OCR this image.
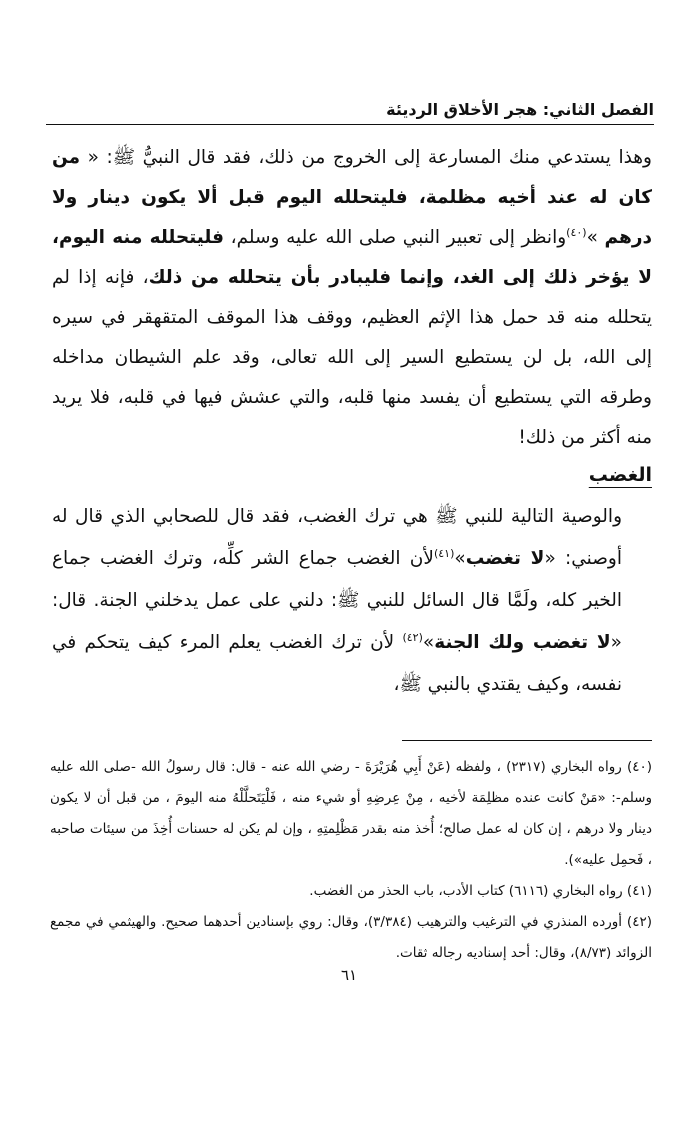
الفصل الثاني: هجر الأخلاق الرديئة

وهذا يستدعي منك المسارعة إلى الخروج من ذلك، فقد قال النبيُّ ﷺ: « من كان له عند أخيه مظلمة، فليتحلله اليوم قبل ألا يكون دينار ولا درهم »$^{(٤٠)}$وانظر إلى تعبير النبي صلى الله عليه وسلم، فليتحلله منه اليوم، لا يؤخر ذلك إلى الغد، وإنما فليبادر بأن يتحلله من ذلك، فإنه إذا لم يتحلله منه قد حمل هذا الإثم العظيم، ووقف هذا الموقف المتقهقر في سيره إلى الله، بل لن يستطيع السير إلى الله تعالى، وقد علم الشيطان مداخله وطرقه التي يستطيع أن يفسد منها قلبه، والتي عشش فيها في قلبه، فلا يريد منه أكثر من ذلك!

الغضب

والوصية التالية للنبي ﷺ هي ترك الغضب، فقد قال للصحابي الذي قال له أوصني: «لا تغضب»$^{(٤١)}$لأن الغضب جماع الشر كلِّه، وترك الغضب جماع الخير كله، ولَمَّا قال السائل للنبي ﷺ: دلني على عمل يدخلني الجنة. قال: «لا تغضب ولك الجنة»$^{(٤٢)}$ لأن ترك الغضب يعلم المرء كيف يتحكم في نفسه، وكيف يقتدي بالنبي ﷺ،

(٤٠) رواه البخاري (٢٣١٧) ، ولفظه (عَنْ أَبِي هُرَيْرَةَ - رضي الله عنه - قال: قال رسولُ الله -صلى الله عليه وسلم-: «مَنْ كانت عنده مظلِمَة لأخيه ، مِنْ عِرضِهِ أو شيء منه ، فَلْيَتَحلَّلْهُ منه اليومَ ، من قبل أن لا يكون دينار ولا درهم ، إن كان له عمل صالح؛ أُخذ منه بقدر مَظْلِمتِهِ ، وإن لم يكن له حسنات أُخِذَ من سيئات صاحبه ، فَحمِل عليه»).

(٤١) رواه البخاري (٦١١٦) كتاب الأدب، باب الحذر من الغضب.

(٤٢) أورده المنذري في الترغيب والترهيب (٣/٣٨٤)، وقال: روي بإسنادين أحدهما صحيح. والهيثمي في مجمع الزوائد (٨/٧٣)، وقال: أحد إسناديه رجاله ثقات.

٦١
